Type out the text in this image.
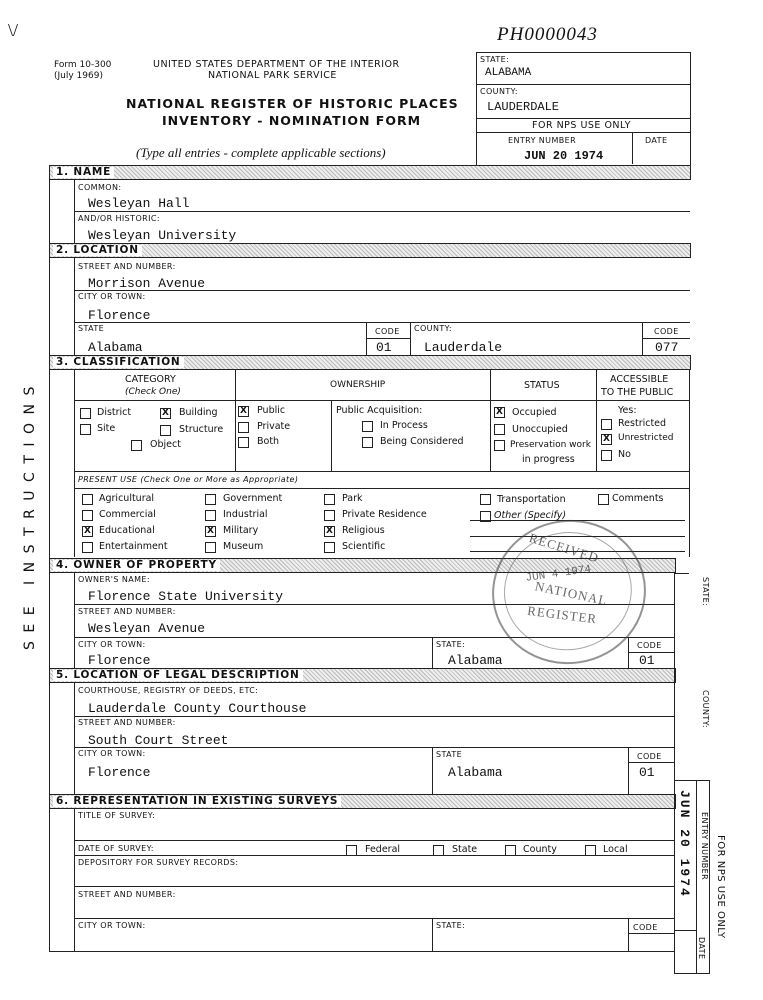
\/	PH0000043
Form 10-300
(July 1969)
UNITED STATES DEPARTMENT OF THE INTERIOR
NATIONAL PARK SERVICE
NATIONAL REGISTER OF HISTORIC PLACES
INVENTORY - NOMINATION FORM
(Type all entries - complete applicable sections)
STATE:
ALABAMA
COUNTY:
LAUDERDALE
FOR NPS USE ONLY
ENTRY NUMBER	DATE
JUN 20 1974
SEE INSTRUCTIONS
1. NAME
COMMON:
Wesleyan Hall
AND/OR HISTORIC:
Wesleyan University
2. LOCATION
STREET AND NUMBER:
Morrison Avenue
CITY OR TOWN:
Florence
STATE
Alabama
CODE
01
COUNTY:
Lauderdale
CODE
077
3. CLASSIFICATION
CATEGORY
(Check One)
OWNERSHIP	STATUS
ACCESSIBLE
TO THE PUBLIC
District	X Building
Site	Structure
Object
X Public
Private
Both
Public Acquisition:
In Process
Being Considered
X Occupied
Unoccupied
Preservation work
in progress
Yes:
Restricted
X Unrestricted
No
PRESENT USE (Check One or More as Appropriate)
Agricultural	Government	Park	Transportation	Comments
Commercial	Industrial	Private Residence	Other (Specify)
X Educational	X Military	X Religious
Entertainment	Museum	Scientific
4. OWNER OF PROPERTY
OWNER'S NAME:
Florence State University
STREET AND NUMBER:
Wesleyan Avenue
CITY OR TOWN:
Florence
STATE:
Alabama
CODE
01
5. LOCATION OF LEGAL DESCRIPTION
COURTHOUSE, REGISTRY OF DEEDS, ETC:
Lauderdale County Courthouse
STREET AND NUMBER:
South Court Street
CITY OR TOWN:
Florence
STATE
Alabama
CODE
01
6. REPRESENTATION IN EXISTING SURVEYS
TITLE OF SURVEY:
DATE OF SURVEY:	Federal	State	County	Local
DEPOSITORY FOR SURVEY RECORDS:
STREET AND NUMBER:
CITY OR TOWN:	STATE:	CODE
STATE:
COUNTY:
ENTRY NUMBER
DATE
FOR NPS USE ONLY
JUN 20 1974
RECEIVED
JUN 4 1974
NATIONAL
REGISTER
